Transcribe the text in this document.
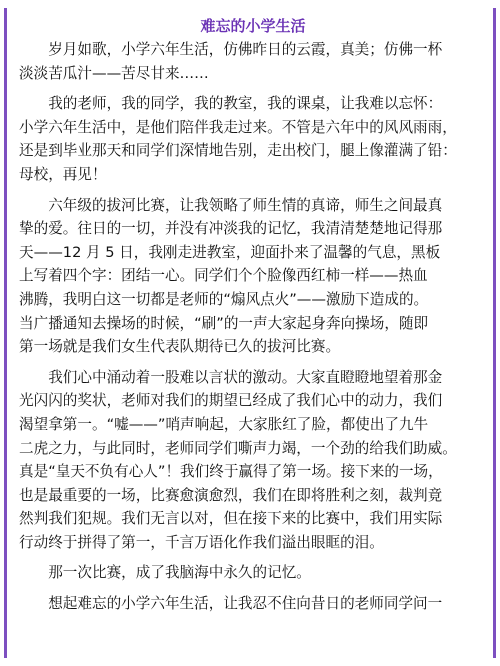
难忘的小学生活
　　岁月如歌，小学六年生活，仿佛昨日的云霞，真美；仿佛一杯
淡淡苦瓜汁——苦尽甘来……
　　我的老师，我的同学，我的教室，我的课桌，让我难以忘怀：
小学六年生活中，是他们陪伴我走过来。不管是六年中的风风雨雨，
还是到毕业那天和同学们深情地告别，走出校门，腿上像灌满了铅：
母校，再见！
　　六年级的拔河比赛，让我领略了师生情的真谛，师生之间最真
挚的爱。往日的一切，并没有冲淡我的记忆，我清清楚楚地记得那
天——12 月 5 日，我刚走进教室，迎面扑来了温馨的气息，黑板
上写着四个字：团结一心。同学们个个脸像西红柿一样——热血
沸腾，我明白这一切都是老师的“煽风点火”——激励下造成的。
当广播通知去操场的时候，“刷”的一声大家起身奔向操场，随即
第一场就是我们女生代表队期待已久的拔河比赛。
　　我们心中涌动着一股难以言状的激动。大家直瞪瞪地望着那金
光闪闪的奖状，老师对我们的期望已经成了我们心中的动力，我们
渴望拿第一。“嘘——”哨声响起，大家胀红了脸，都使出了九牛
二虎之力，与此同时，老师同学们嘶声力竭，一个劲的给我们助威。
真是“皇天不负有心人”！我们终于赢得了第一场。接下来的一场，
也是最重要的一场，比赛愈演愈烈，我们在即将胜利之刻，裁判竟
然判我们犯规。我们无言以对，但在接下来的比赛中，我们用实际
行动终于拼得了第一，千言万语化作我们溢出眼眶的泪。
　　那一次比赛，成了我脑海中永久的记忆。
　　想起难忘的小学六年生活，让我忍不住向昔日的老师同学问一
